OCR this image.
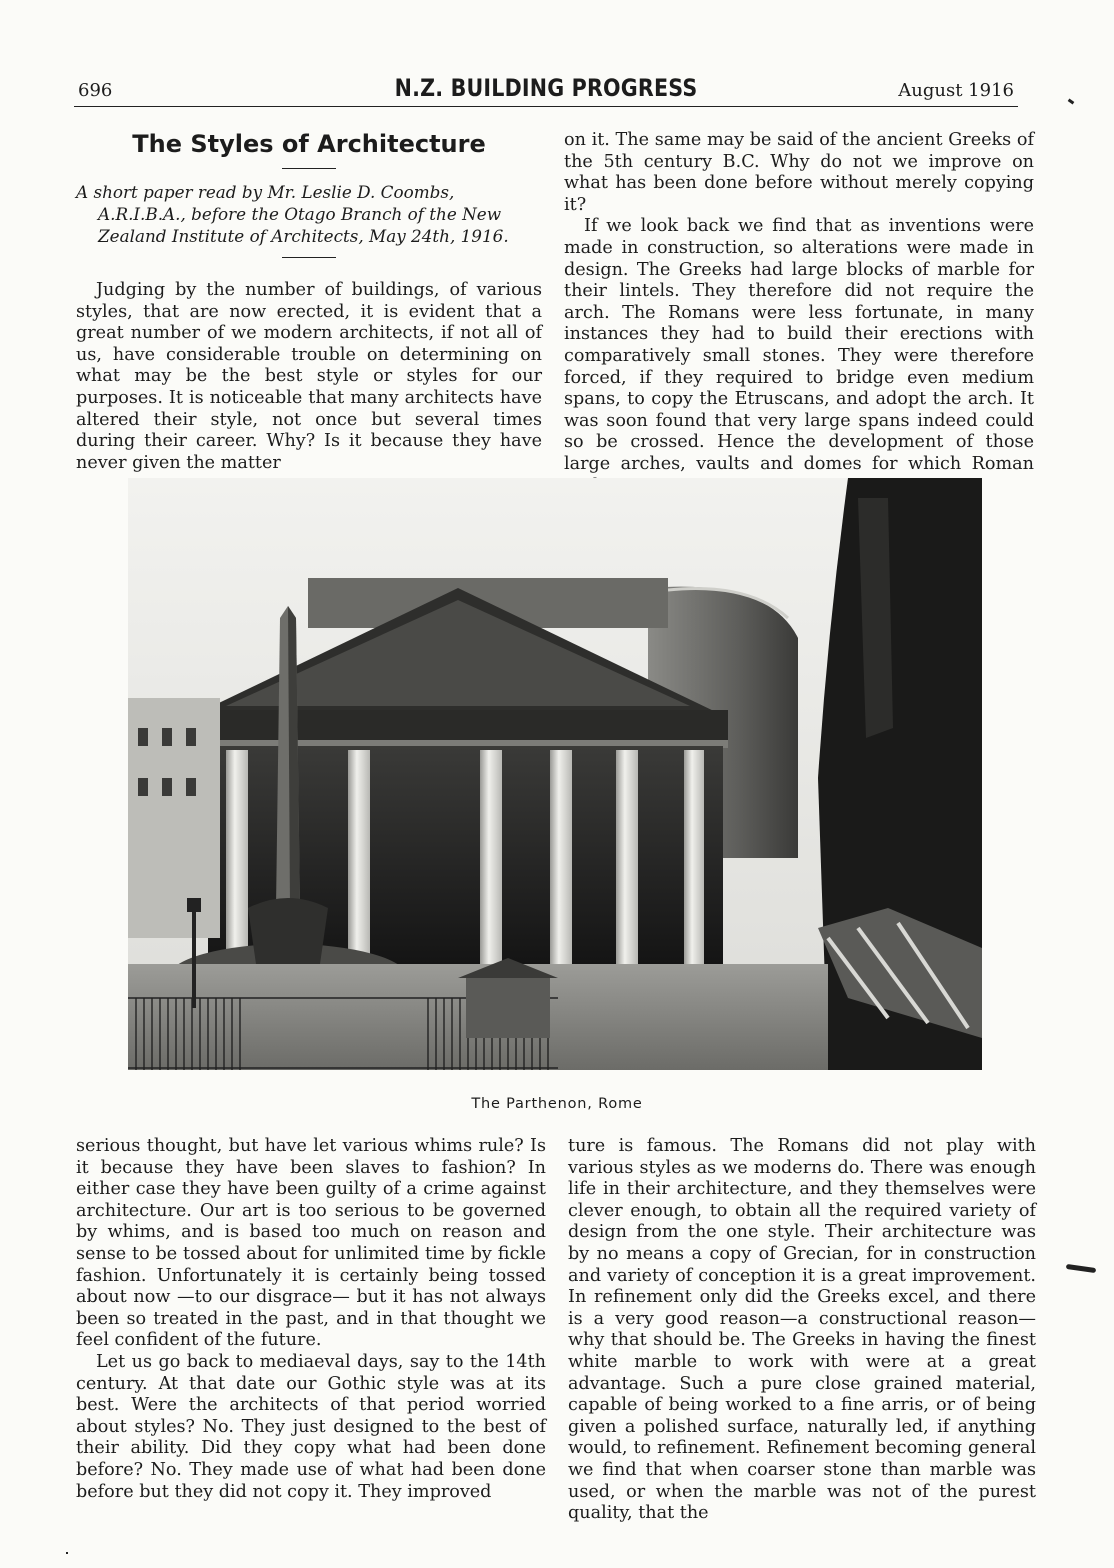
696	N.Z. BUILDING PROGRESS	August 1916
The Styles of Architecture

A short paper read by Mr. Leslie D. Coombs, A.R.I.B.A., before the Otago Branch of the New Zealand Institute of Architects, May 24th, 1916.

Judging by the number of buildings, of various styles, that are now erected, it is evident that a great number of we modern architects, if not all of us, have considerable trouble on determining on what may be the best style or styles for our purposes. It is noticeable that many architects have altered their style, not once but several times during their career. Why? Is it because they have never given the matter

on it. The same may be said of the ancient Greeks of the 5th century B.C. Why do not we improve on what has been done before without merely copying it?

If we look back we find that as inventions were made in construction, so alterations were made in design. The Greeks had large blocks of marble for their lintels. They therefore did not require the arch. The Romans were less fortunate, in many instances they had to build their erections with comparatively small stones. They were therefore forced, if they required to bridge even medium spans, to copy the Etruscans, and adopt the arch. It was soon found that very large spans indeed could so be crossed. Hence the development of those large arches, vaults and domes for which Roman

The Parthenon, Rome

serious thought, but have let various whims rule? Is it because they have been slaves to fashion? In either case they have been guilty of a crime against architecture. Our art is too serious to be governed by whims, and is based too much on reason and sense to be tossed about for unlimited time by fickle fashion. Unfortunately it is certainly being tossed about now —to our disgrace— but it has not always been so treated in the past, and in that thought we feel confident of the future.

Let us go back to mediaeval days, say to the 14th century. At that date our Gothic style was at its best. Were the architects of that period worried about styles? No. They just designed to the best of their ability. Did they copy what had been done before? No. They made use of what had been done before but they did not copy it. They improved

ture is famous. The Romans did not play with various styles as we moderns do. There was enough life in their architecture, and they themselves were clever enough, to obtain all the required variety of design from the one style. Their architecture was by no means a copy of Grecian, for in construction and variety of conception it is a great improvement. In refinement only did the Greeks excel, and there is a very good reason—a constructional reason—why that should be. The Greeks in having the finest white marble to work with were at a great advantage. Such a pure close grained material, capable of being worked to a fine arris, or of being given a polished surface, naturally led, if anything would, to refinement. Refinement becoming general we find that when coarser stone than marble was used, or when the marble was not of the purest quality, that the
